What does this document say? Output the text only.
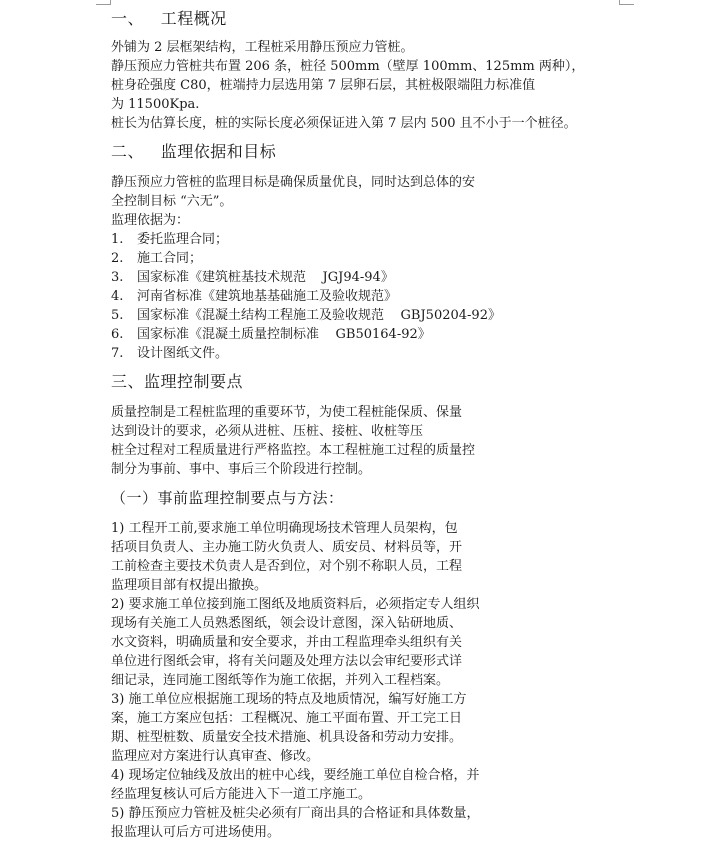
一、   工程概况

外铺为 2 层框架结构，工程桩采用静压预应力管桩。

静压预应力管桩共布置 206 条，桩径 500mm（壁厚 100mm、125mm 两种），

桩身砼强度 C80，桩端持力层选用第 7 层卵石层，其桩极限端阻力标准值

为 11500Kpa.

桩长为估算长度，桩的实际长度必须保证进入第 7 层内 500 且不小于一个桩径。

二、   监理依据和目标

静压预应力管桩的监理目标是确保质量优良，同时达到总体的安

全控制目标 “六无”。

监理依据为：

1. 委托监理合同；

2. 施工合同；

3. 国家标准《建筑桩基技术规范    JGJ94-94》

4. 河南省标准《建筑地基基础施工及验收规范》

5. 国家标准《混凝土结构工程施工及验收规范    GBJ50204-92》

6. 国家标准《混凝土质量控制标准    GB50164-92》

7. 设计图纸文件。

三、监理控制要点

质量控制是工程桩监理的重要环节，为使工程桩能保质、保量

达到设计的要求，必须从进桩、压桩、接桩、收桩等压

桩全过程对工程质量进行严格监控。本工程桩施工过程的质量控

制分为事前、事中、事后三个阶段进行控制。

（一）事前监理控制要点与方法：

1) 工程开工前,要求施工单位明确现场技术管理人员架构，包

括项目负责人、主办施工防火负责人、质安员、材料员等，开

工前检查主要技术负责人是否到位，对个别不称职人员，工程

监理项目部有权提出撤换。

2) 要求施工单位接到施工图纸及地质资料后，必须指定专人组织

现场有关施工人员熟悉图纸，领会设计意图，深入钻研地质、

水文资料，明确质量和安全要求，并由工程监理牵头组织有关

单位进行图纸会审，将有关问题及处理方法以会审纪要形式详

细记录，连同施工图纸等作为施工依据，并列入工程档案。

3) 施工单位应根据施工现场的特点及地质情况，编写好施工方

案，施工方案应包括：工程概况、施工平面布置、开工完工日

期、桩型桩数、质量安全技术措施、机具设备和劳动力安排。

监理应对方案进行认真审查、修改。

4) 现场定位轴线及放出的桩中心线，要经施工单位自检合格，并

经监理复核认可后方能进入下一道工序施工。

5) 静压预应力管桩及桩尖必须有厂商出具的合格证和具体数量，

报监理认可后方可进场使用。
